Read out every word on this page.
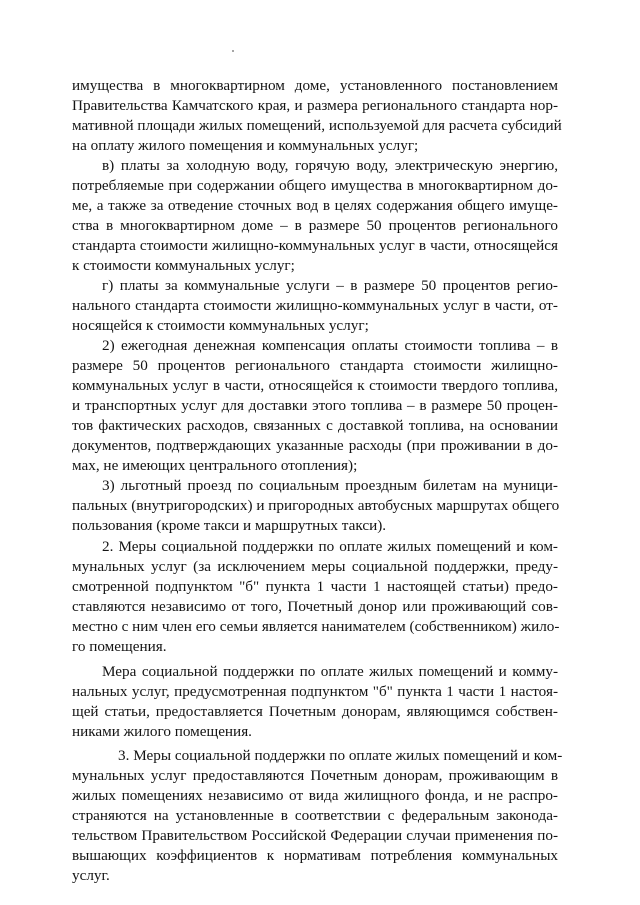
имущества в многоквартирном доме, установленного постановлением
Правительства Камчатского края, и размера регионального стандарта нор-
мативной площади жилых помещений, используемой для расчета субсидий
на оплату жилого помещения и коммунальных услуг;
в) платы за холодную воду, горячую воду, электрическую энергию,
потребляемые при содержании общего имущества в многоквартирном до-
ме, а также за отведение сточных вод в целях содержания общего имуще-
ства в многоквартирном доме – в размере 50 процентов регионального
стандарта стоимости жилищно-коммунальных услуг в части, относящейся
к стоимости коммунальных услуг;
г) платы за коммунальные услуги – в размере 50 процентов регио-
нального стандарта стоимости жилищно-коммунальных услуг в части, от-
носящейся к стоимости коммунальных услуг;
2) ежегодная денежная компенсация оплаты стоимости топлива – в
размере 50 процентов регионального стандарта стоимости жилищно-
коммунальных услуг в части, относящейся к стоимости твердого топлива,
и транспортных услуг для доставки этого топлива – в размере 50 процен-
тов фактических расходов, связанных с доставкой топлива, на основании
документов, подтверждающих указанные расходы (при проживании в до-
мах, не имеющих центрального отопления);
3) льготный проезд по социальным проездным билетам на муници-
пальных (внутригородских) и пригородных автобусных маршрутах общего
пользования (кроме такси и маршрутных такси).
2. Меры социальной поддержки по оплате жилых помещений и ком-
мунальных услуг (за исключением меры социальной поддержки, преду-
смотренной подпунктом "б" пункта 1 части 1 настоящей статьи) предо-
ставляются независимо от того, Почетный донор или проживающий сов-
местно с ним член его семьи является нанимателем (собственником) жило-
го помещения.
Мера социальной поддержки по оплате жилых помещений и комму-
нальных услуг, предусмотренная подпунктом "б" пункта 1 части 1 настоя-
щей статьи, предоставляется Почетным донорам, являющимся собствен-
никами жилого помещения.
3. Меры социальной поддержки по оплате жилых помещений и ком-
мунальных услуг предоставляются Почетным донорам, проживающим в
жилых помещениях независимо от вида жилищного фонда, и не распро-
страняются на установленные в соответствии с федеральным законода-
тельством Правительством Российской Федерации случаи применения по-
вышающих коэффициентов к нормативам потребления коммунальных
услуг.
